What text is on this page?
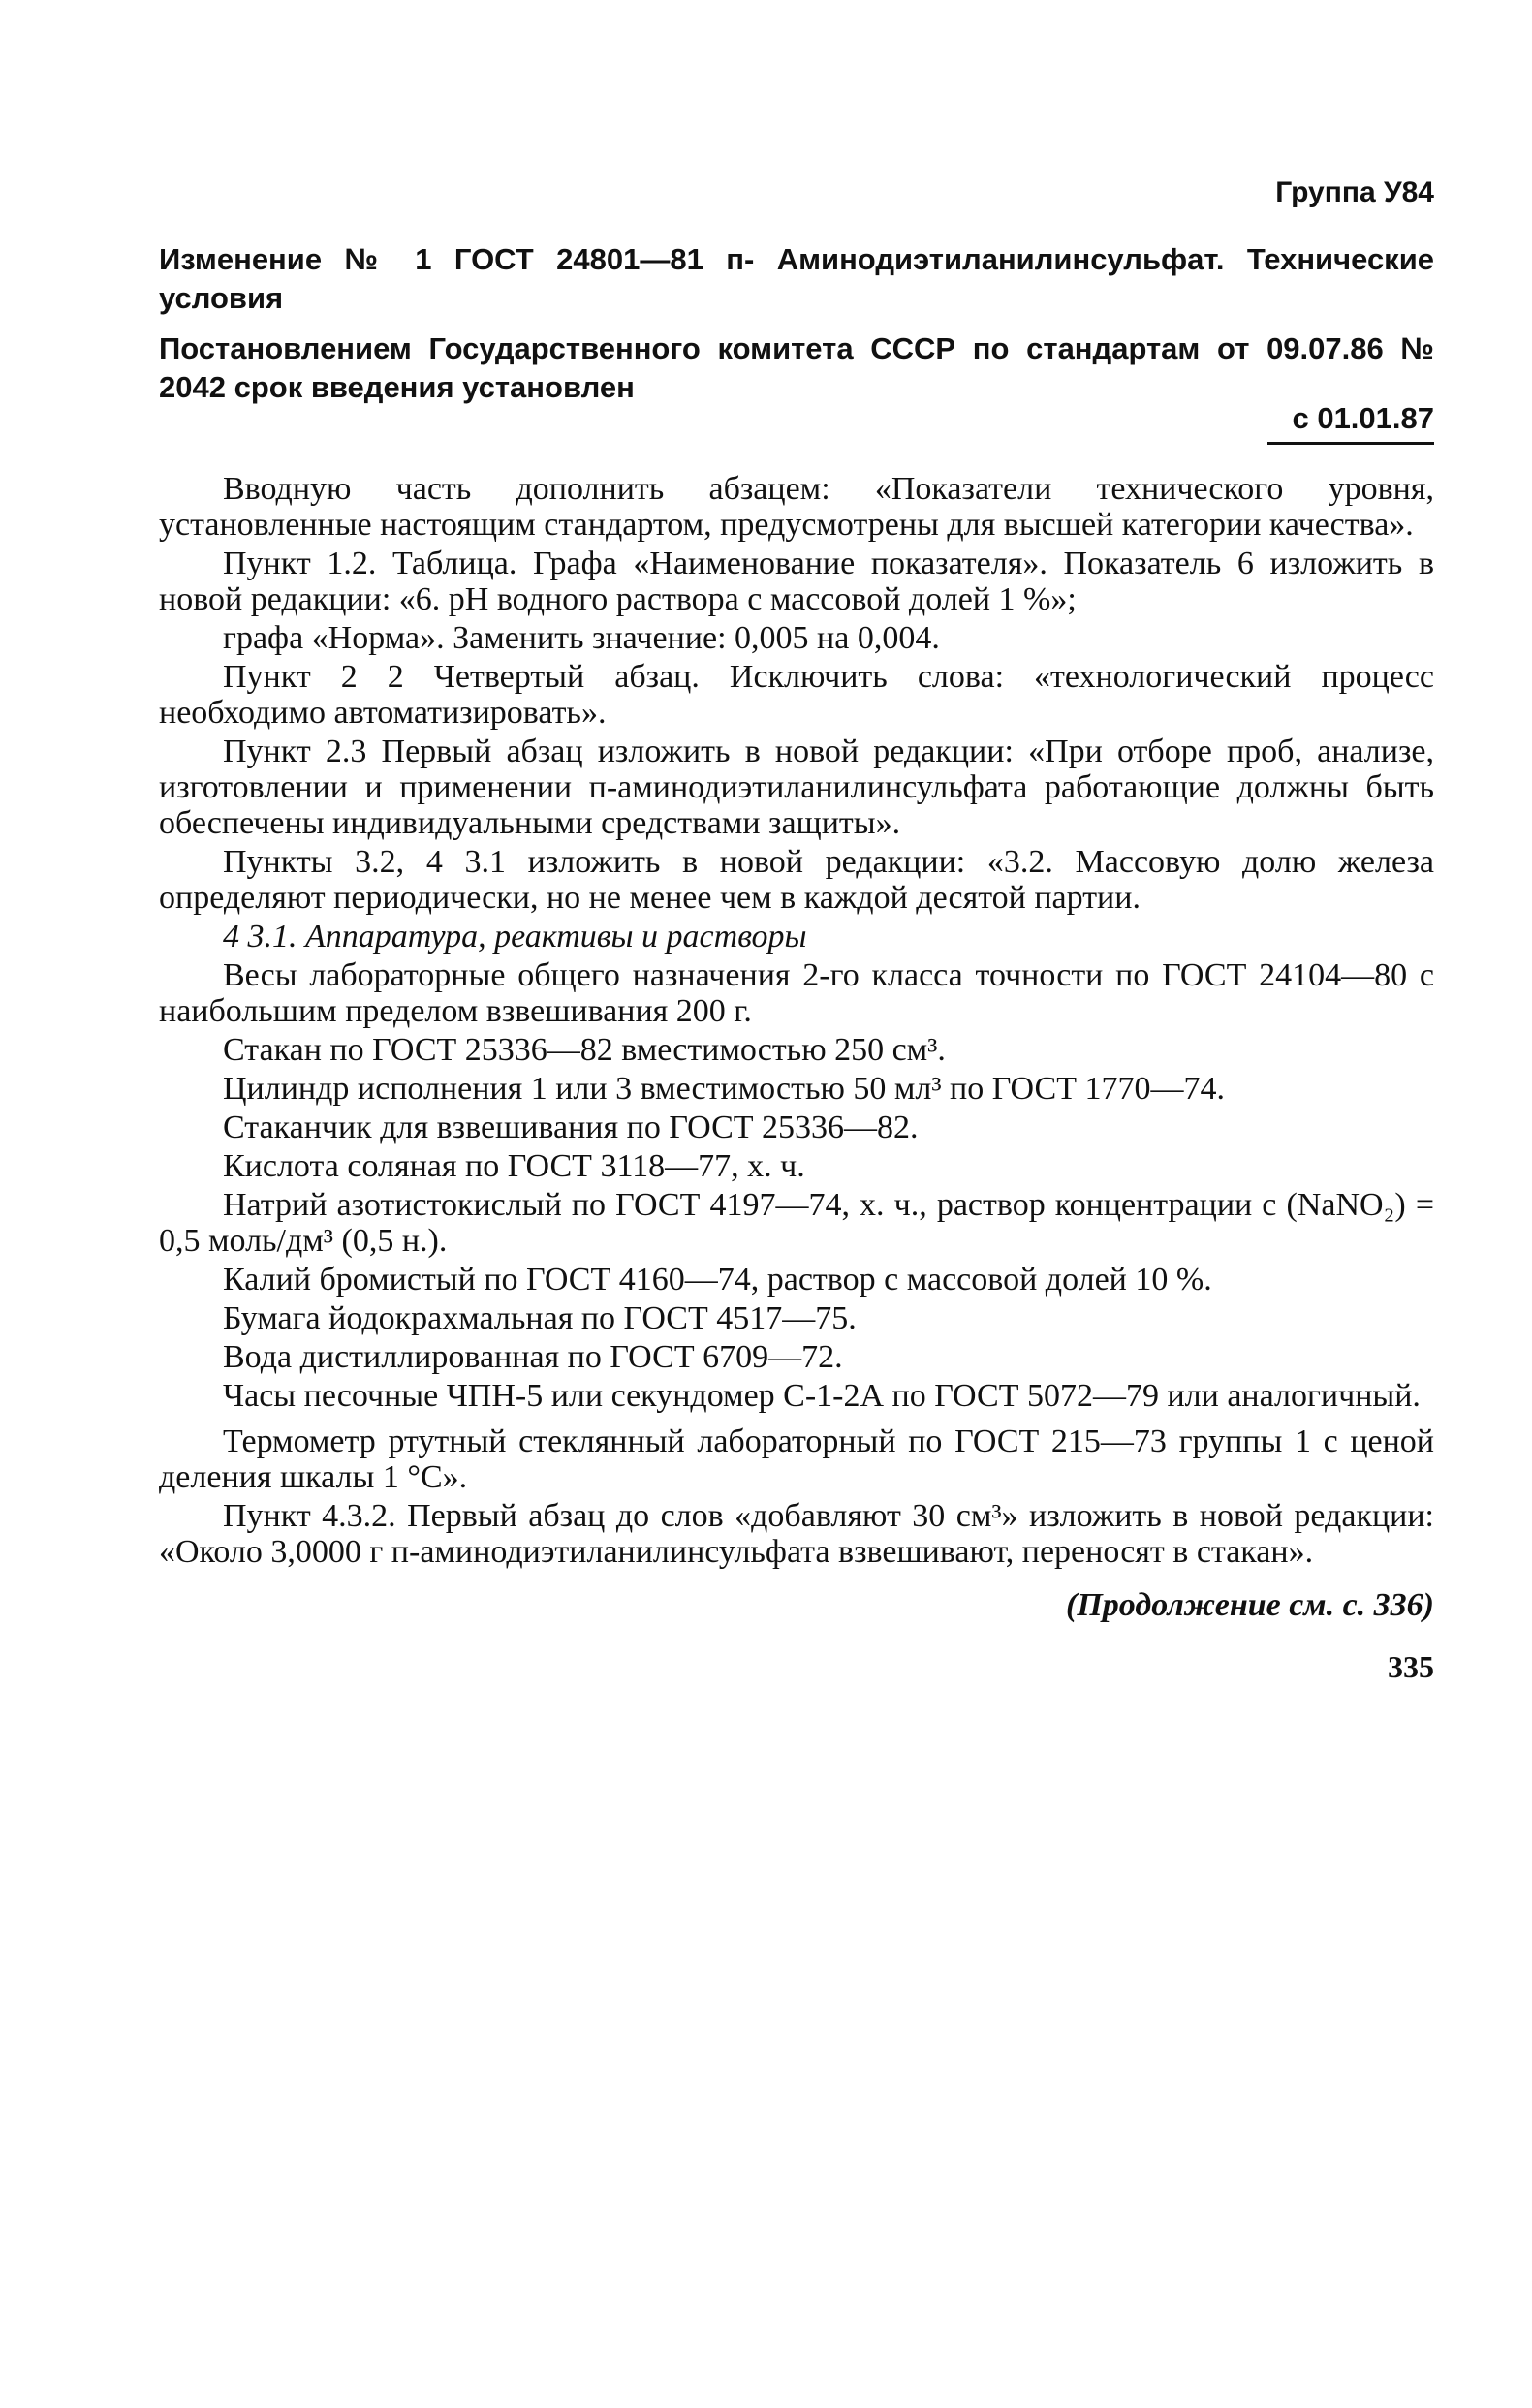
Группа У84
Изменение № 1 ГОСТ 24801—81 п- Аминодиэтиланилинсульфат. Технические условия
Постановлением Государственного комитета СССР по стандартам от 09.07.86 № 2042 срок введения установлен
с 01.01.87

Вводную часть дополнить абзацем: «Показатели технического уровня, установленные настоящим стандартом, предусмотрены для высшей категории качества».

Пункт 1.2. Таблица. Графа «Наименование показателя». Показатель 6 изложить в новой редакции: «6. pH водного раствора с массовой долей 1 %»;

графа «Норма». Заменить значение: 0,005 на 0,004.

Пункт 2 2 Четвертый абзац. Исключить слова: «технологический процесс необходимо автоматизировать».

Пункт 2.3 Первый абзац изложить в новой редакции: «При отборе проб, анализе, изготовлении и применении п-аминодиэтиланилинсульфата работающие должны быть обеспечены индивидуальными средствами защиты».

Пункты 3.2, 4 3.1 изложить в новой редакции: «3.2. Массовую долю железа определяют периодически, но не менее чем в каждой десятой партии.

4 3.1. Аппаратура, реактивы и растворы

Весы лабораторные общего назначения 2-го класса точности по ГОСТ 24104—80 с наибольшим пределом взвешивания 200 г.

Стакан по ГОСТ 25336—82 вместимостью 250 см³.

Цилиндр исполнения 1 или 3 вместимостью 50 мл³ по ГОСТ 1770—74.

Стаканчик для взвешивания по ГОСТ 25336—82.

Кислота соляная по ГОСТ 3118—77, х. ч.

Натрий азотистокислый по ГОСТ 4197—74, х. ч., раствор концентрации c (NaNO₂) = 0,5 моль/дм³ (0,5 н.).

Калий бромистый по ГОСТ 4160—74, раствор с массовой долей 10 %.

Бумага йодокрахмальная по ГОСТ 4517—75.

Вода дистиллированная по ГОСТ 6709—72.

Часы песочные ЧПН-5 или секундомер С-1-2А по ГОСТ 5072—79 или аналогичный.

Термометр ртутный стеклянный лабораторный по ГОСТ 215—73 группы 1 с ценой деления шкалы 1 °С».

Пункт 4.3.2. Первый абзац до слов «добавляют 30 см³» изложить в новой редакции: «Около 3,0000 г п-аминодиэтиланилинсульфата взвешивают, переносят в стакан».

(Продолжение см. с. 336)
335
